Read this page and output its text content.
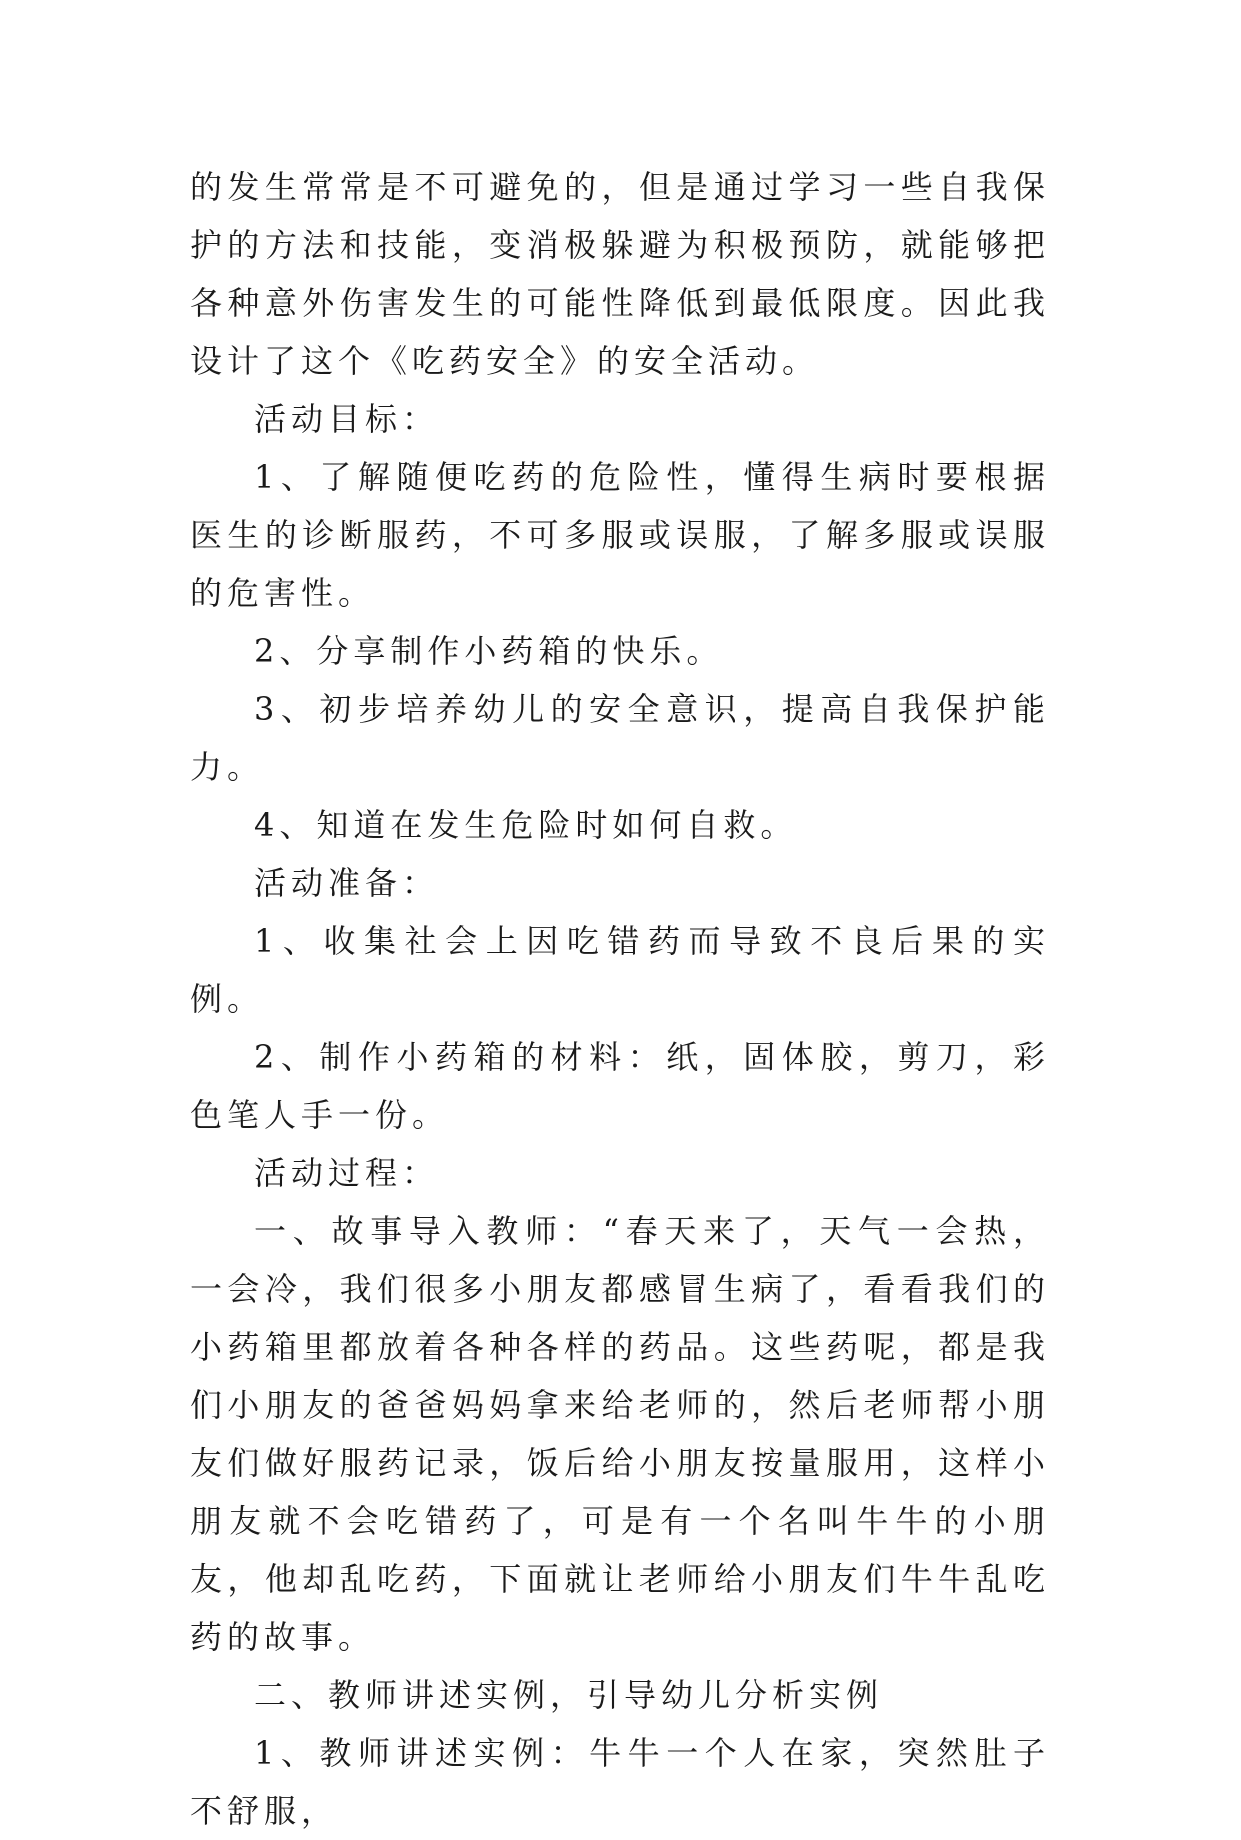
的发生常常是不可避免的，但是通过学习一些自我保护的方法和技能，变消极躲避为积极预防，就能够把各种意外伤害发生的可能性降低到最低限度。因此我设计了这个《吃药安全》的安全活动。

活动目标：

1、了解随便吃药的危险性，懂得生病时要根据医生的诊断服药，不可多服或误服，了解多服或误服的危害性。

2、分享制作小药箱的快乐。

3、初步培养幼儿的安全意识，提高自我保护能力。

4、知道在发生危险时如何自救。

活动准备：

1、收集社会上因吃错药而导致不良后果的实例。

2、制作小药箱的材料：纸，固体胶，剪刀，彩色笔人手一份。

活动过程：

一、故事导入教师：“春天来了，天气一会热，一会冷，我们很多小朋友都感冒生病了，看看我们的小药箱里都放着各种各样的药品。这些药呢，都是我们小朋友的爸爸妈妈拿来给老师的，然后老师帮小朋友们做好服药记录，饭后给小朋友按量服用，这样小朋友就不会吃错药了，可是有一个名叫牛牛的小朋友，他却乱吃药，下面就让老师给小朋友们牛牛乱吃药的故事。

二、教师讲述实例，引导幼儿分析实例

1、教师讲述实例：牛牛一个人在家，突然肚子不舒服，
